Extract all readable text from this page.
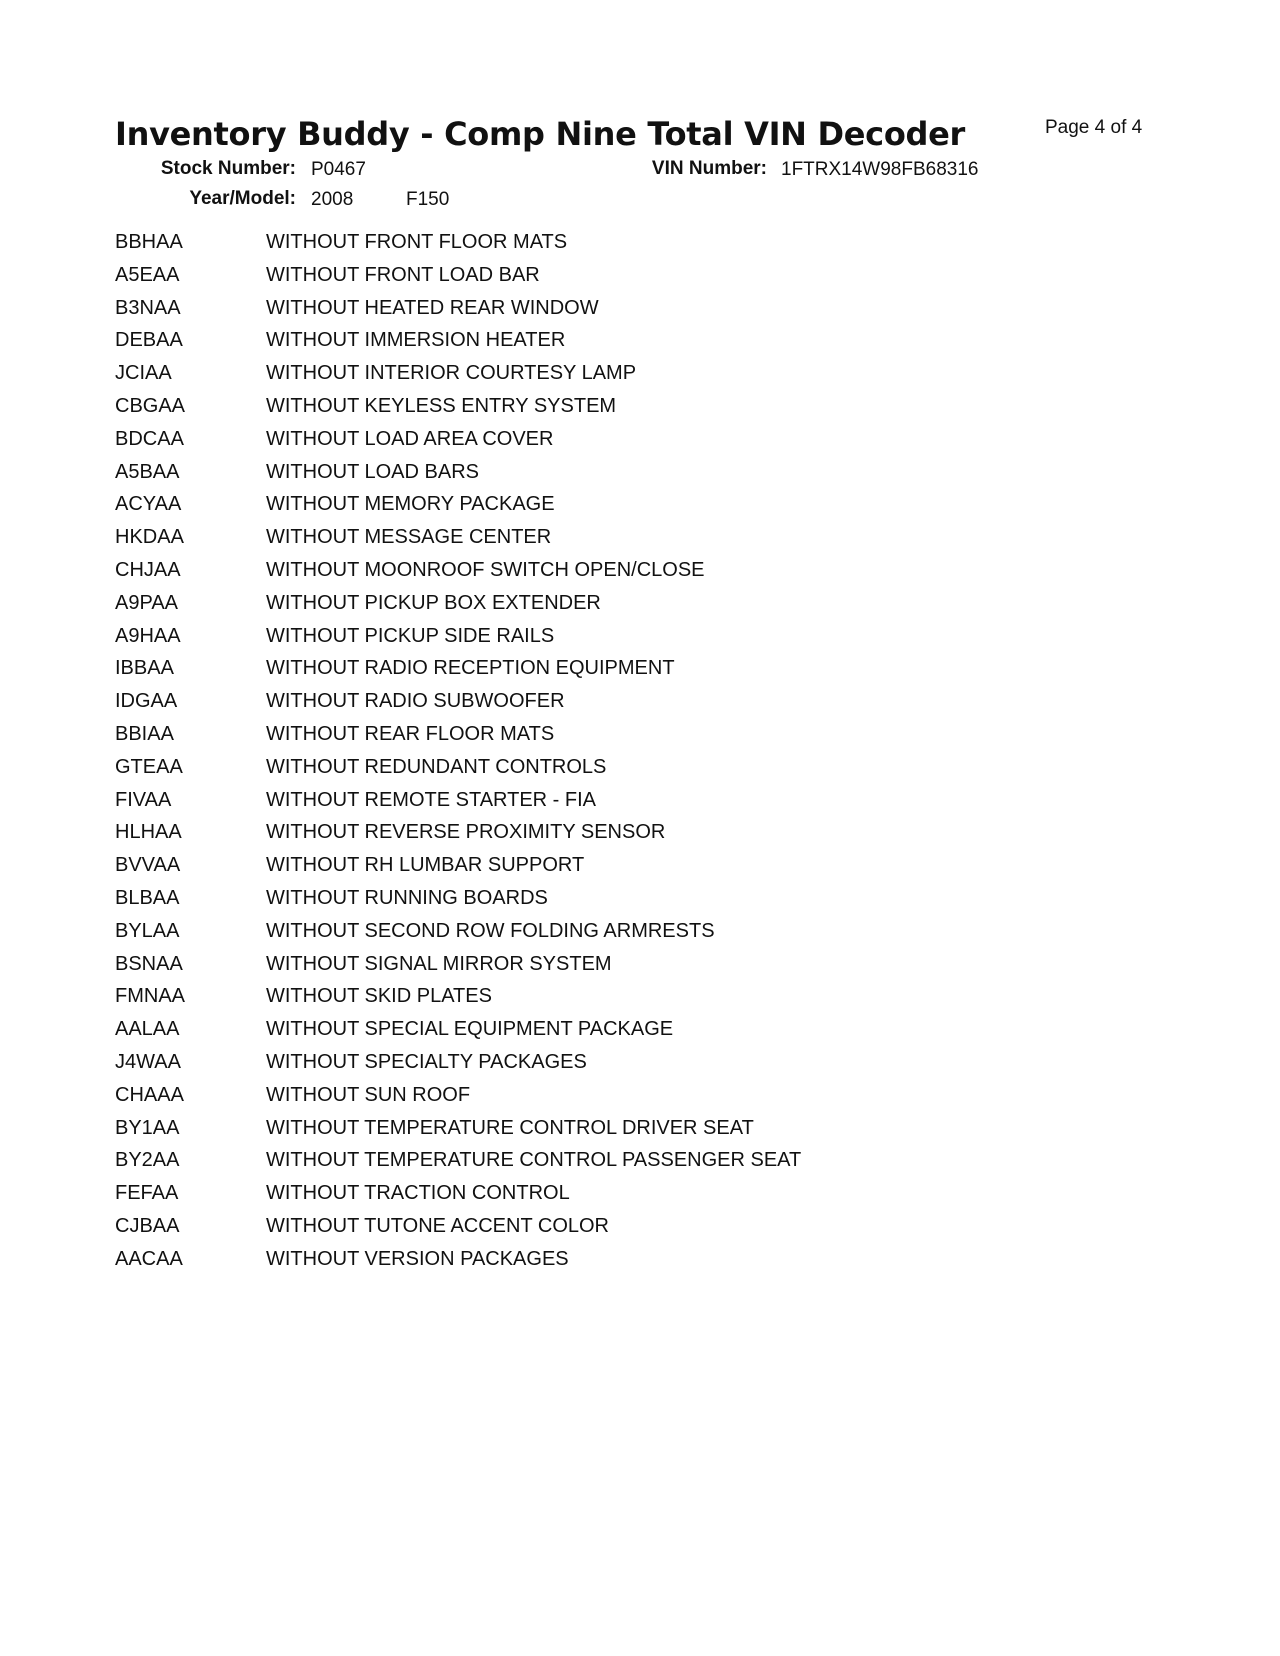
Inventory Buddy - Comp Nine Total VIN Decoder	Page 4 of 4
Stock Number: P0467	VIN Number: 1FTRX14W98FB68316
Year/Model: 2008	F150
BBHAA	WITHOUT FRONT FLOOR MATS
A5EAA	WITHOUT FRONT LOAD BAR
B3NAA	WITHOUT HEATED REAR WINDOW
DEBAA	WITHOUT IMMERSION HEATER
JCIAA	WITHOUT INTERIOR COURTESY LAMP
CBGAA	WITHOUT KEYLESS ENTRY SYSTEM
BDCAA	WITHOUT LOAD AREA COVER
A5BAA	WITHOUT LOAD BARS
ACYAA	WITHOUT MEMORY PACKAGE
HKDAA	WITHOUT MESSAGE CENTER
CHJAA	WITHOUT MOONROOF SWITCH OPEN/CLOSE
A9PAA	WITHOUT PICKUP BOX EXTENDER
A9HAA	WITHOUT PICKUP SIDE RAILS
IBBAA	WITHOUT RADIO RECEPTION EQUIPMENT
IDGAA	WITHOUT RADIO SUBWOOFER
BBIAA	WITHOUT REAR FLOOR MATS
GTEAA	WITHOUT REDUNDANT CONTROLS
FIVAA	WITHOUT REMOTE STARTER - FIA
HLHAA	WITHOUT REVERSE PROXIMITY SENSOR
BVVAA	WITHOUT RH LUMBAR SUPPORT
BLBAA	WITHOUT RUNNING BOARDS
BYLAA	WITHOUT SECOND ROW FOLDING ARMRESTS
BSNAA	WITHOUT SIGNAL MIRROR SYSTEM
FMNAA	WITHOUT SKID PLATES
AALAA	WITHOUT SPECIAL EQUIPMENT PACKAGE
J4WAA	WITHOUT SPECIALTY PACKAGES
CHAAA	WITHOUT SUN ROOF
BY1AA	WITHOUT TEMPERATURE CONTROL DRIVER SEAT
BY2AA	WITHOUT TEMPERATURE CONTROL PASSENGER SEAT
FEFAA	WITHOUT TRACTION CONTROL
CJBAA	WITHOUT TUTONE ACCENT COLOR
AACAA	WITHOUT VERSION PACKAGES
